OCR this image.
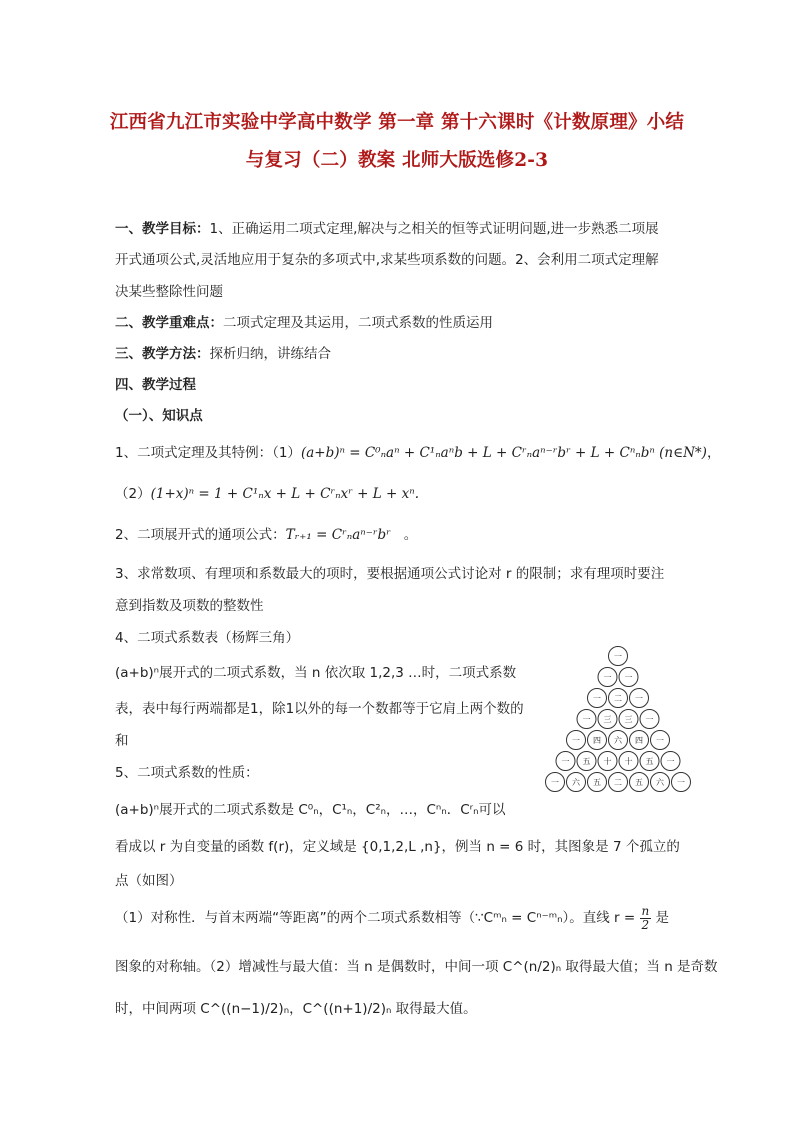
江西省九江市实验中学高中数学 第一章 第十六课时《计数原理》小结
与复习（二）教案 北师大版选修2-3
一、教学目标：1、正确运用二项式定理,解决与之相关的恒等式证明问题,进一步熟悉二项展
开式通项公式,灵活地应用于复杂的多项式中,求某些项系数的问题。2、会利用二项式定理解
决某些整除性问题
二、教学重难点：二项式定理及其运用，二项式系数的性质运用
三、教学方法：探析归纳，讲练结合
四、教学过程
（一）、知识点
1、二项式定理及其特例：（1）(a+b)ⁿ = C⁰ₙaⁿ + C¹ₙaⁿb + L + Cʳₙaⁿ⁻ʳbʳ + L + Cⁿₙbⁿ (n∈N*)，
（2）(1+x)ⁿ = 1 + C¹ₙx + L + Cʳₙxʳ + L + xⁿ.
2、二项展开式的通项公式：Tᵣ₊₁ = Cʳₙaⁿ⁻ʳbʳ 。
3、求常数项、有理项和系数最大的项时，要根据通项公式讨论对 r 的限制；求有理项时要注
意到指数及项数的整数性
4、二项式系数表（杨辉三角）
(a+b)ⁿ展开式的二项式系数，当 n 依次取 1,2,3 …时，二项式系数
表，表中每行两端都是1，除1以外的每一个数都等于它肩上两个数的
和
一
一 一
一 二 一
一 三 三 一
一 四 六 四 一
一 五 十 十 五 一
一 六 五 二 五 六 一
5、二项式系数的性质：
(a+b)ⁿ展开式的二项式系数是 C⁰ₙ，C¹ₙ，C²ₙ，…，Cⁿₙ．Cʳₙ可以
看成以 r 为自变量的函数 f(r)，定义域是 {0,1,2,L ,n}，例当 n = 6 时，其图象是 7 个孤立的
点（如图）
（1）对称性．与首末两端“等距离”的两个二项式系数相等（∵Cᵐₙ = Cⁿ⁻ᵐₙ）。直线 $r = \frac{n}{2}$ 是
图象的对称轴。（2）增减性与最大值：当 n 是偶数时，中间一项 C^(n/2)ₙ 取得最大值；当 n 是奇数
时，中间两项 C^((n−1)/2)ₙ，C^((n+1)/2)ₙ 取得最大值。
